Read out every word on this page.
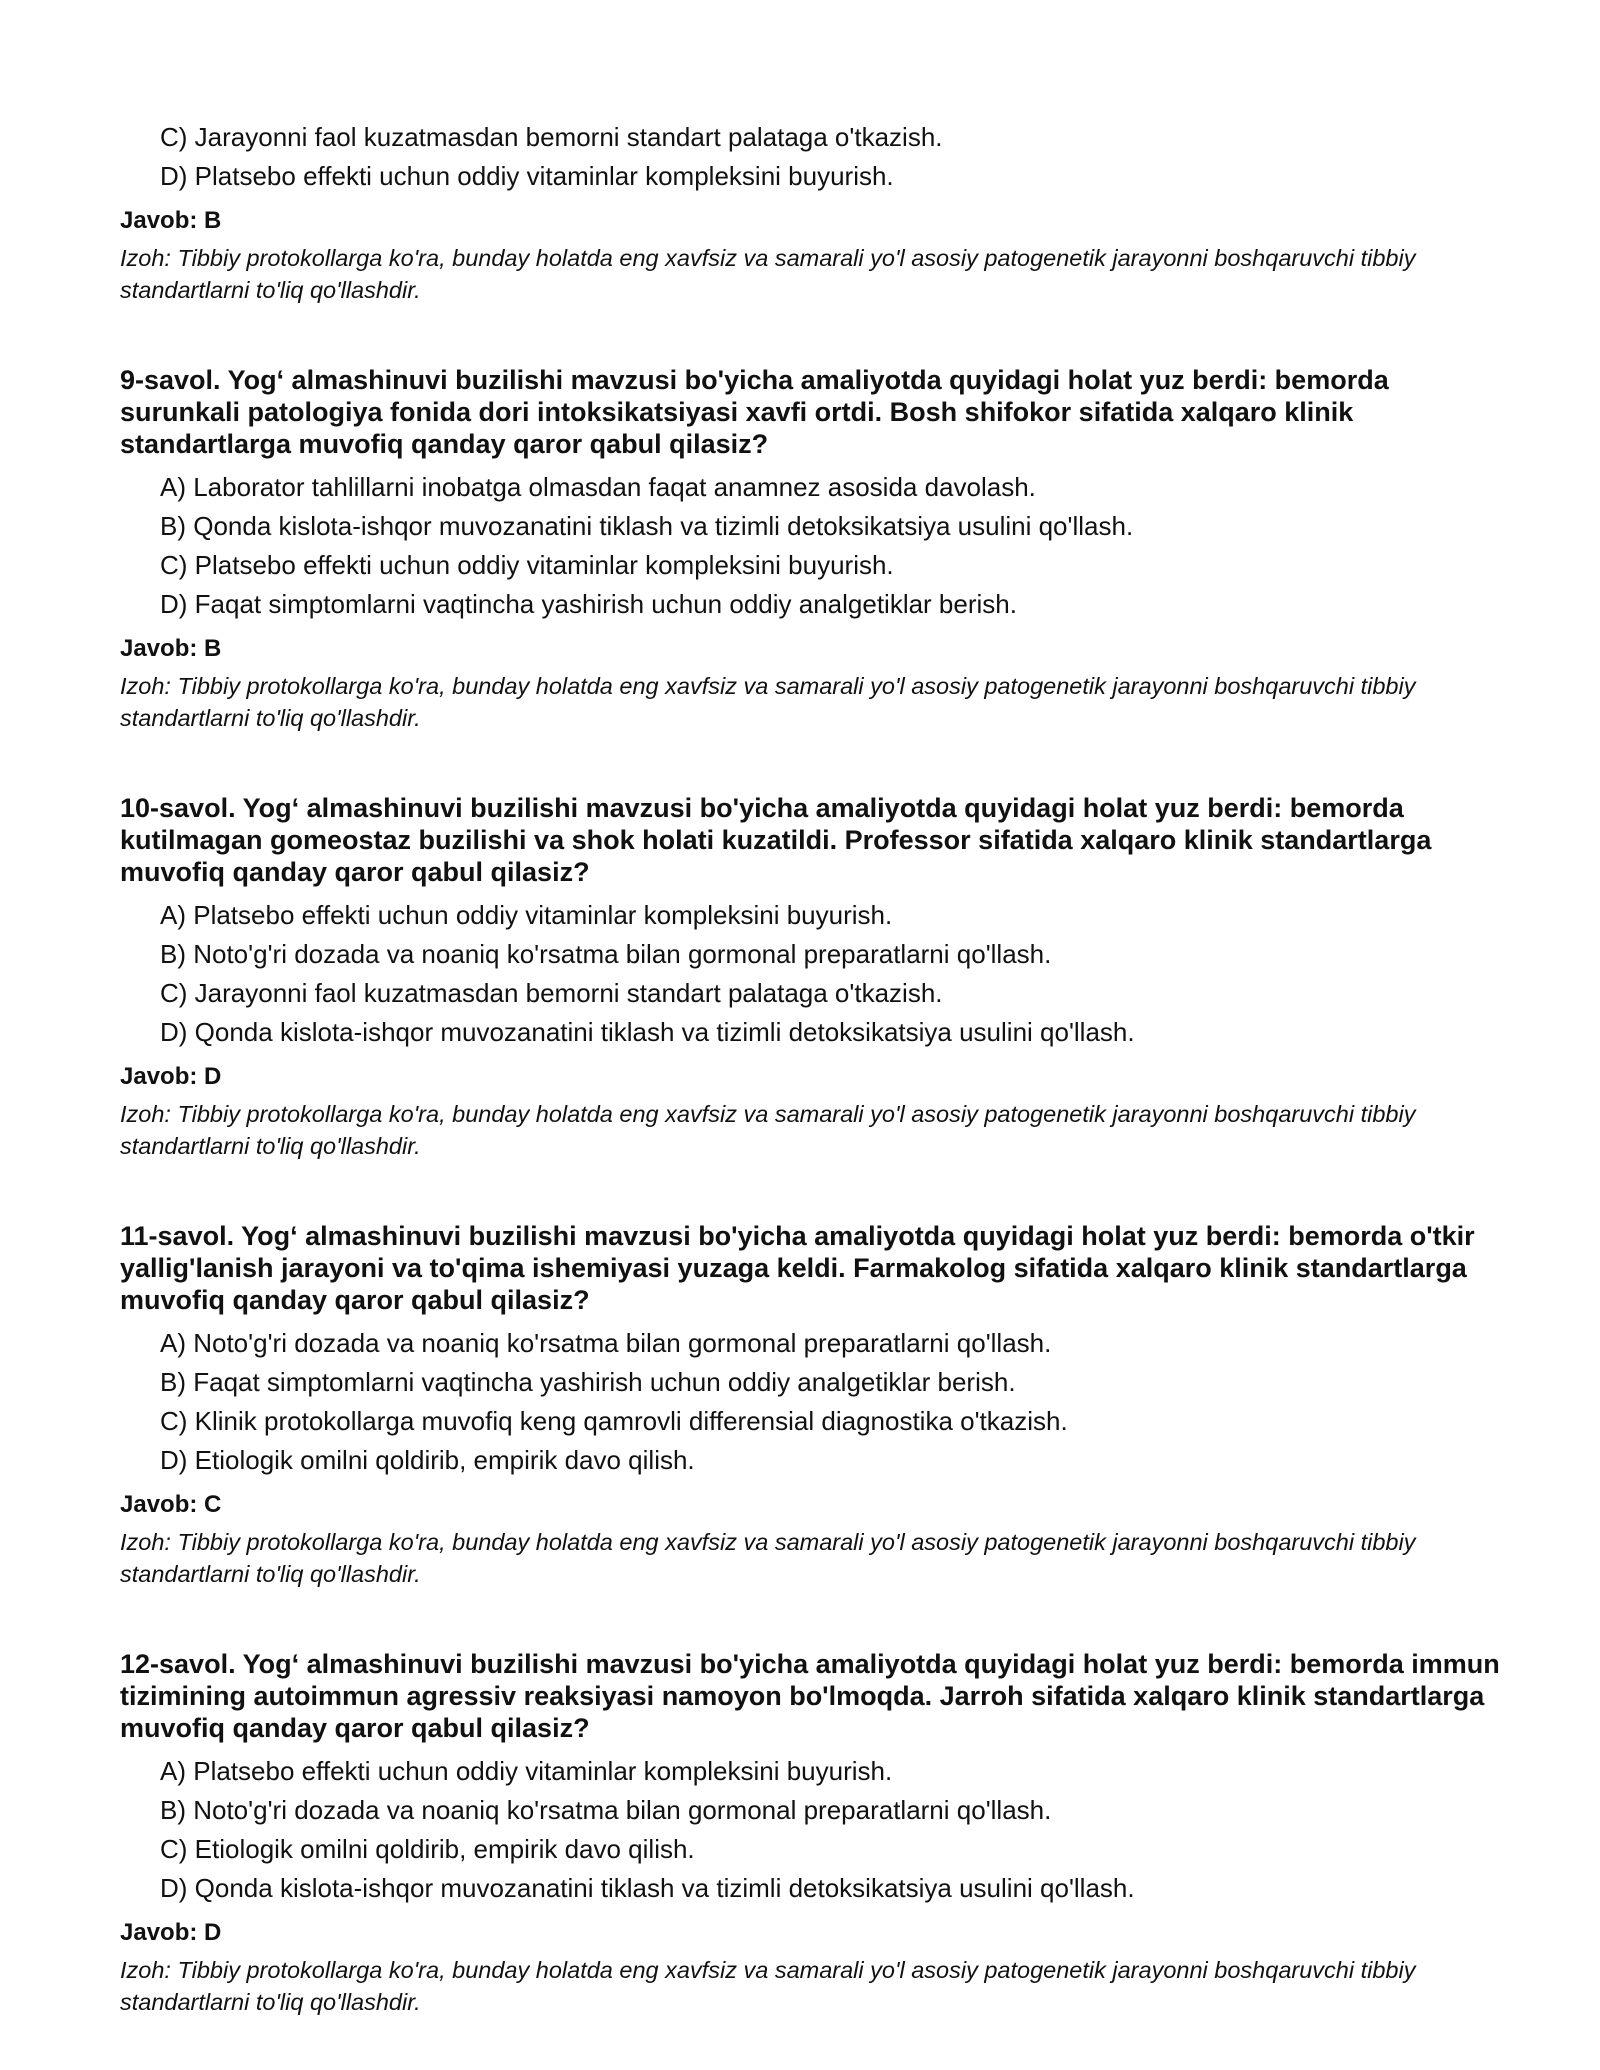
C) Jarayonni faol kuzatmasdan bemorni standart palataga o'tkazish.

D) Platsebo effekti uchun oddiy vitaminlar kompleksini buyurish.

Javob: B

Izoh: Tibbiy protokollarga ko'ra, bunday holatda eng xavfsiz va samarali yo'l asosiy patogenetik jarayonni boshqaruvchi tibbiy standartlarni to'liq qo'llashdir.

9-savol. Yog‘ almashinuvi buzilishi mavzusi bo'yicha amaliyotda quyidagi holat yuz berdi: bemorda surunkali patologiya fonida dori intoksikatsiyasi xavfi ortdi. Bosh shifokor sifatida xalqaro klinik standartlarga muvofiq qanday qaror qabul qilasiz?

A) Laborator tahlillarni inobatga olmasdan faqat anamnez asosida davolash.

B) Qonda kislota-ishqor muvozanatini tiklash va tizimli detoksikatsiya usulini qo'llash.

C) Platsebo effekti uchun oddiy vitaminlar kompleksini buyurish.

D) Faqat simptomlarni vaqtincha yashirish uchun oddiy analgetiklar berish.

Javob: B

Izoh: Tibbiy protokollarga ko'ra, bunday holatda eng xavfsiz va samarali yo'l asosiy patogenetik jarayonni boshqaruvchi tibbiy standartlarni to'liq qo'llashdir.

10-savol. Yog‘ almashinuvi buzilishi mavzusi bo'yicha amaliyotda quyidagi holat yuz berdi: bemorda kutilmagan gomeostaz buzilishi va shok holati kuzatildi. Professor sifatida xalqaro klinik standartlarga muvofiq qanday qaror qabul qilasiz?

A) Platsebo effekti uchun oddiy vitaminlar kompleksini buyurish.

B) Noto'g'ri dozada va noaniq ko'rsatma bilan gormonal preparatlarni qo'llash.

C) Jarayonni faol kuzatmasdan bemorni standart palataga o'tkazish.

D) Qonda kislota-ishqor muvozanatini tiklash va tizimli detoksikatsiya usulini qo'llash.

Javob: D

Izoh: Tibbiy protokollarga ko'ra, bunday holatda eng xavfsiz va samarali yo'l asosiy patogenetik jarayonni boshqaruvchi tibbiy standartlarni to'liq qo'llashdir.

11-savol. Yog‘ almashinuvi buzilishi mavzusi bo'yicha amaliyotda quyidagi holat yuz berdi: bemorda o'tkir yallig'lanish jarayoni va to'qima ishemiyasi yuzaga keldi. Farmakolog sifatida xalqaro klinik standartlarga muvofiq qanday qaror qabul qilasiz?

A) Noto'g'ri dozada va noaniq ko'rsatma bilan gormonal preparatlarni qo'llash.

B) Faqat simptomlarni vaqtincha yashirish uchun oddiy analgetiklar berish.

C) Klinik protokollarga muvofiq keng qamrovli differensial diagnostika o'tkazish.

D) Etiologik omilni qoldirib, empirik davo qilish.

Javob: C

Izoh: Tibbiy protokollarga ko'ra, bunday holatda eng xavfsiz va samarali yo'l asosiy patogenetik jarayonni boshqaruvchi tibbiy standartlarni to'liq qo'llashdir.

12-savol. Yog‘ almashinuvi buzilishi mavzusi bo'yicha amaliyotda quyidagi holat yuz berdi: bemorda immun tizimining autoimmun agressiv reaksiyasi namoyon bo'lmoqda. Jarroh sifatida xalqaro klinik standartlarga muvofiq qanday qaror qabul qilasiz?

A) Platsebo effekti uchun oddiy vitaminlar kompleksini buyurish.

B) Noto'g'ri dozada va noaniq ko'rsatma bilan gormonal preparatlarni qo'llash.

C) Etiologik omilni qoldirib, empirik davo qilish.

D) Qonda kislota-ishqor muvozanatini tiklash va tizimli detoksikatsiya usulini qo'llash.

Javob: D

Izoh: Tibbiy protokollarga ko'ra, bunday holatda eng xavfsiz va samarali yo'l asosiy patogenetik jarayonni boshqaruvchi tibbiy standartlarni to'liq qo'llashdir.
